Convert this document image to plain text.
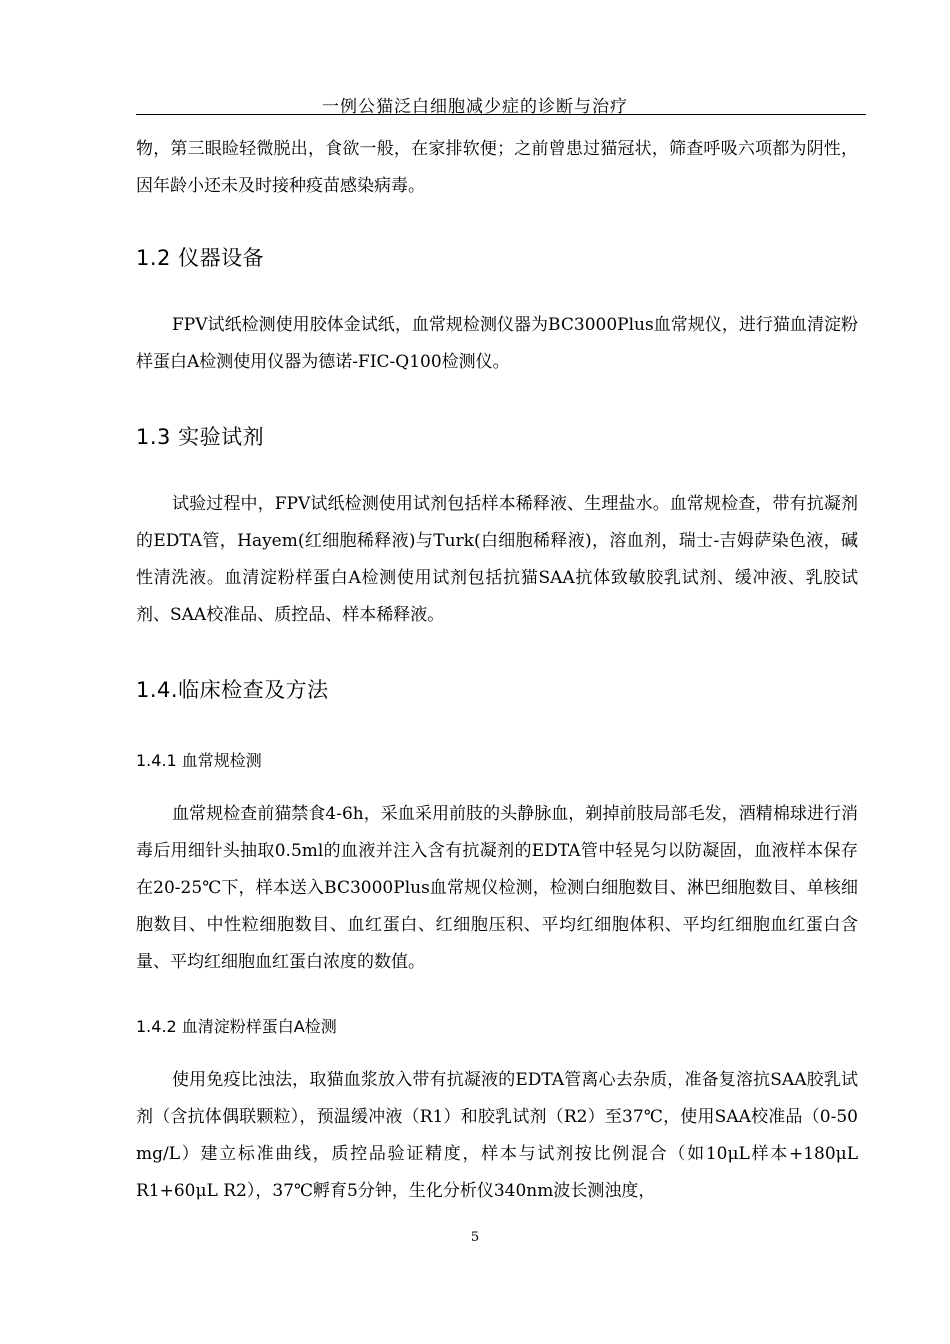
一例公猫泛白细胞减少症的诊断与治疗

物，第三眼睑轻微脱出，食欲一般，在家排软便；之前曾患过猫冠状，筛查呼吸六项都为阴性，因年龄小还未及时接种疫苗感染病毒。

1.2 仪器设备

FPV试纸检测使用胶体金试纸，血常规检测仪器为BC3000Plus血常规仪，进行猫血清淀粉样蛋白A检测使用仪器为德诺-FIC-Q100检测仪。

1.3 实验试剂

试验过程中，FPV试纸检测使用试剂包括样本稀释液、生理盐水。血常规检查，带有抗凝剂的EDTA管，Hayem(红细胞稀释液)与Turk(白细胞稀释液)，溶血剂，瑞士-吉姆萨染色液，碱性清洗液。血清淀粉样蛋白A检测使用试剂包括抗猫SAA抗体致敏胶乳试剂、缓冲液、乳胶试剂、SAA校准品、质控品、样本稀释液。

1.4.临床检查及方法
1.4.1 血常规检测

血常规检查前猫禁食4-6h，采血采用前肢的头静脉血，剃掉前肢局部毛发，酒精棉球进行消毒后用细针头抽取0.5ml的血液并注入含有抗凝剂的EDTA管中轻晃匀以防凝固，血液样本保存在20-25℃下，样本送入BC3000Plus血常规仪检测，检测白细胞数目、淋巴细胞数目、单核细胞数目、中性粒细胞数目、血红蛋白、红细胞压积、平均红细胞体积、平均红细胞血红蛋白含量、平均红细胞血红蛋白浓度的数值。

1.4.2 血清淀粉样蛋白A检测

使用免疫比浊法，取猫血浆放入带有抗凝液的EDTA管离心去杂质，准备复溶抗SAA胶乳试剂（含抗体偶联颗粒），预温缓冲液（R1）和胶乳试剂（R2）至37℃，使用SAA校准品（0-50 mg/L）建立标准曲线，质控品验证精度，样本与试剂按比例混合（如10μL样本+180μL R1+60μL R2），37℃孵育5分钟，生化分析仪340nm波长测浊度，

5
